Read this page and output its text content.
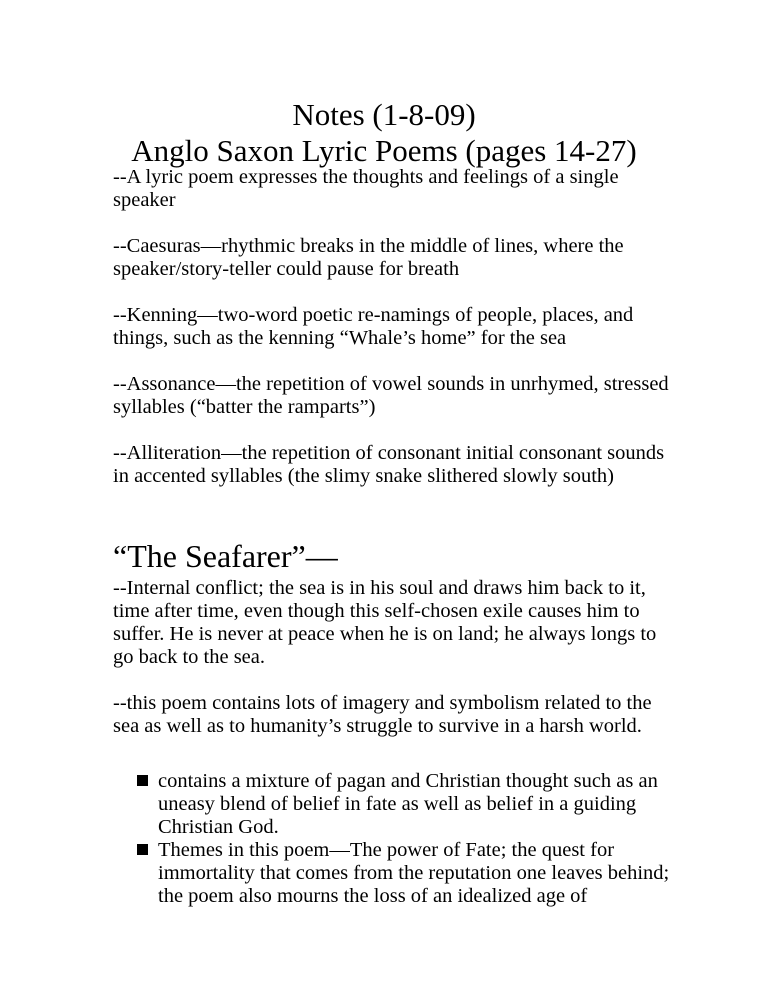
Notes (1-8-09)
Anglo Saxon Lyric Poems (pages 14-27)

--A lyric poem expresses the thoughts and feelings of a single speaker

--Caesuras—rhythmic breaks in the middle of lines, where the speaker/story-teller could pause for breath

--Kenning—two-word poetic re-namings of people, places, and things, such as the kenning “Whale’s home” for the sea

--Assonance—the repetition of vowel sounds in unrhymed, stressed syllables (“batter the ramparts”)

--Alliteration—the repetition of consonant initial consonant sounds in accented syllables (the slimy snake slithered slowly south)

“The Seafarer”—

--Internal conflict; the sea is in his soul and draws him back to it, time after time, even though this self-chosen exile causes him to suffer. He is never at peace when he is on land; he always longs to go back to the sea.

--this poem contains lots of imagery and symbolism related to the sea as well as to humanity’s struggle to survive in a harsh world.

contains a mixture of pagan and Christian thought such as an uneasy blend of belief in fate as well as belief in a guiding Christian God.
Themes in this poem—The power of Fate; the quest for immortality that comes from the reputation one leaves behind; the poem also mourns the loss of an idealized age of
